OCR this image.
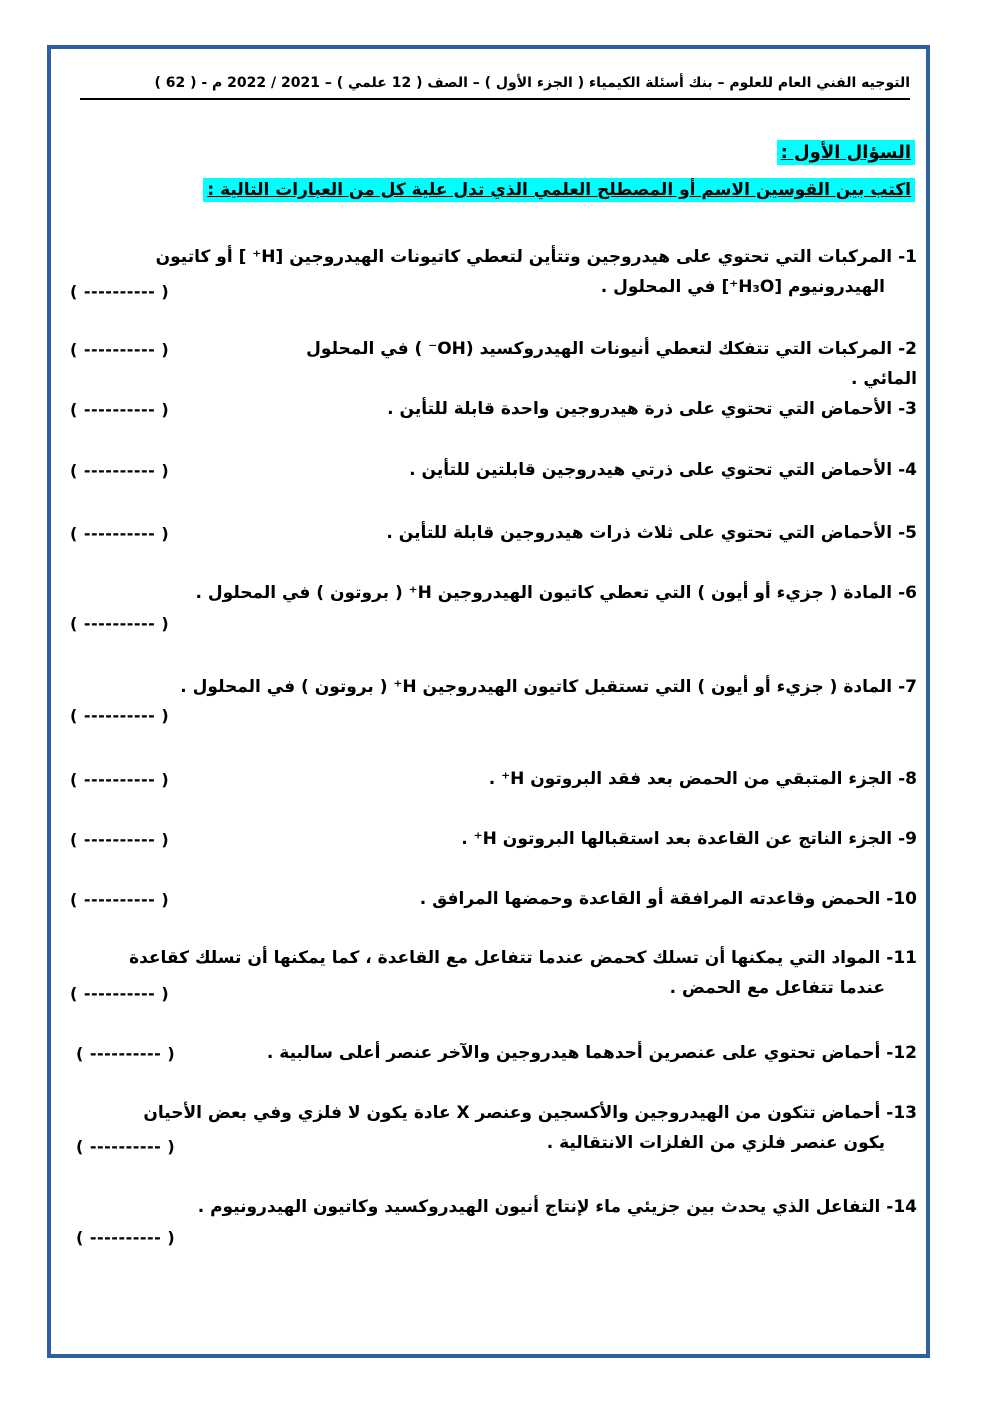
التوجيه الفني العام للعلوم – بنك أسئلة الكيمياء ( الجزء الأول ) – الصف ( 12 علمي ) – 2021 / 2022 م - ( 62 )
السؤال الأول :
اكتب بين القوسين الاسم أو المصطلح العلمي الذي تدل علية كل من العبارات التالية :
-1المركبات التي تحتوي على هيدروجين وتتأين لتعطي كاتيونات الهيدروجين [H⁺ ] أو كاتيون
الهيدرونيوم [H₃O⁺] في المحلول .
( ---------- )
-2المركبات التي تتفكك لتعطي أنيونات الهيدروكسيد (OH⁻ ) في المحلول المائي .
( ---------- )
-3الأحماض التي تحتوي على ذرة هيدروجين واحدة قابلة للتأين .
( ---------- )
-4الأحماض التي تحتوي على ذرتي هيدروجين قابلتين للتأين .
( ---------- )
-5الأحماض التي تحتوي على ثلاث ذرات هيدروجين قابلة للتأين .
( ---------- )
-6المادة ( جزيء أو أيون ) التي تعطي كاتيون الهيدروجين H⁺ ( بروتون ) في المحلول .
( ---------- )
-7المادة ( جزيء أو أيون ) التي تستقبل كاتيون الهيدروجين H⁺ ( بروتون ) في المحلول .
( ---------- )
-8الجزء المتبقي من الحمض بعد فقد البروتون H⁺ .
( ---------- )
-9الجزء الناتج عن القاعدة بعد استقبالها البروتون H⁺ .
( ---------- )
-10الحمض وقاعدته المرافقة أو القاعدة وحمضها المرافق .
( ---------- )
-11المواد التي يمكنها أن تسلك كحمض عندما تتفاعل مع القاعدة ، كما يمكنها أن تسلك كقاعدة
عندما تتفاعل مع الحمض .
( ---------- )
-12أحماض تحتوي على عنصرين أحدهما هيدروجين والآخر عنصر أعلى سالبية .
( ---------- )
-13أحماض تتكون من الهيدروجين والأكسجين وعنصر X عادة يكون لا فلزي وفي بعض الأحيان
يكون عنصر فلزي من الفلزات الانتقالية .
( ---------- )
-14التفاعل الذي يحدث بين جزيئي ماء لإنتاج أنيون الهيدروكسيد وكاتيون الهيدرونيوم .
( ---------- )
